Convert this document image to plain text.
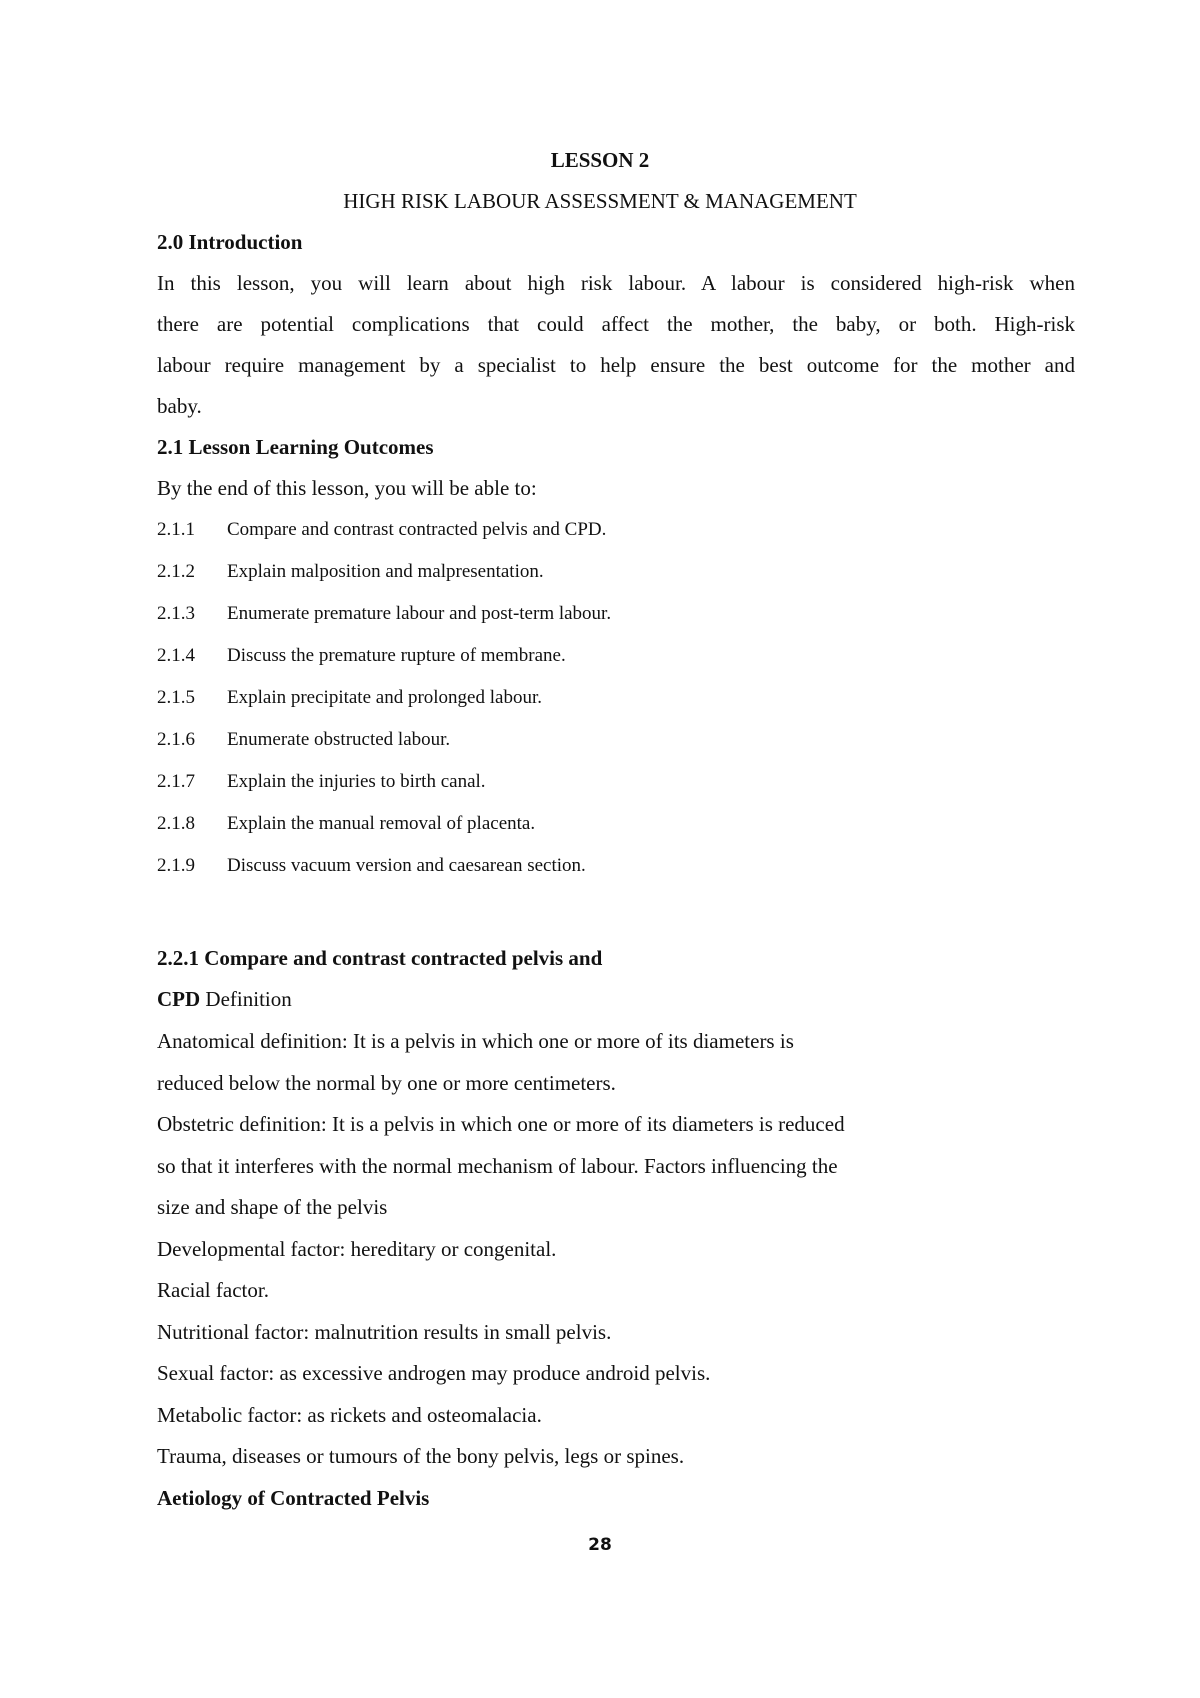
LESSON 2
HIGH RISK LABOUR ASSESSMENT & MANAGEMENT
2.0 Introduction
In this lesson, you will learn about high risk labour. A labour is considered high-risk when
there are potential complications that could affect the mother, the baby, or both. High-risk
labour require management by a specialist to help ensure the best outcome for the mother and
baby.
2.1 Lesson Learning Outcomes
By the end of this lesson, you will be able to:
2.1.1 Compare and contrast contracted pelvis and CPD.
2.1.2 Explain malposition and malpresentation.
2.1.3 Enumerate premature labour and post-term labour.
2.1.4 Discuss the premature rupture of membrane.
2.1.5 Explain precipitate and prolonged labour.
2.1.6 Enumerate obstructed labour.
2.1.7 Explain the injuries to birth canal.
2.1.8 Explain the manual removal of placenta.
2.1.9 Discuss vacuum version and caesarean section.
2.2.1 Compare and contrast contracted pelvis and
CPD Definition
Anatomical definition: It is a pelvis in which one or more of its diameters is
reduced below the normal by one or more centimeters.
Obstetric definition: It is a pelvis in which one or more of its diameters is reduced
so that it interferes with the normal mechanism of labour. Factors influencing the
size and shape of the pelvis
Developmental factor: hereditary or congenital.
Racial factor.
Nutritional factor: malnutrition results in small pelvis.
Sexual factor: as excessive androgen may produce android pelvis.
Metabolic factor: as rickets and osteomalacia.
Trauma, diseases or tumours of the bony pelvis, legs or spines.
Aetiology of Contracted Pelvis
28
